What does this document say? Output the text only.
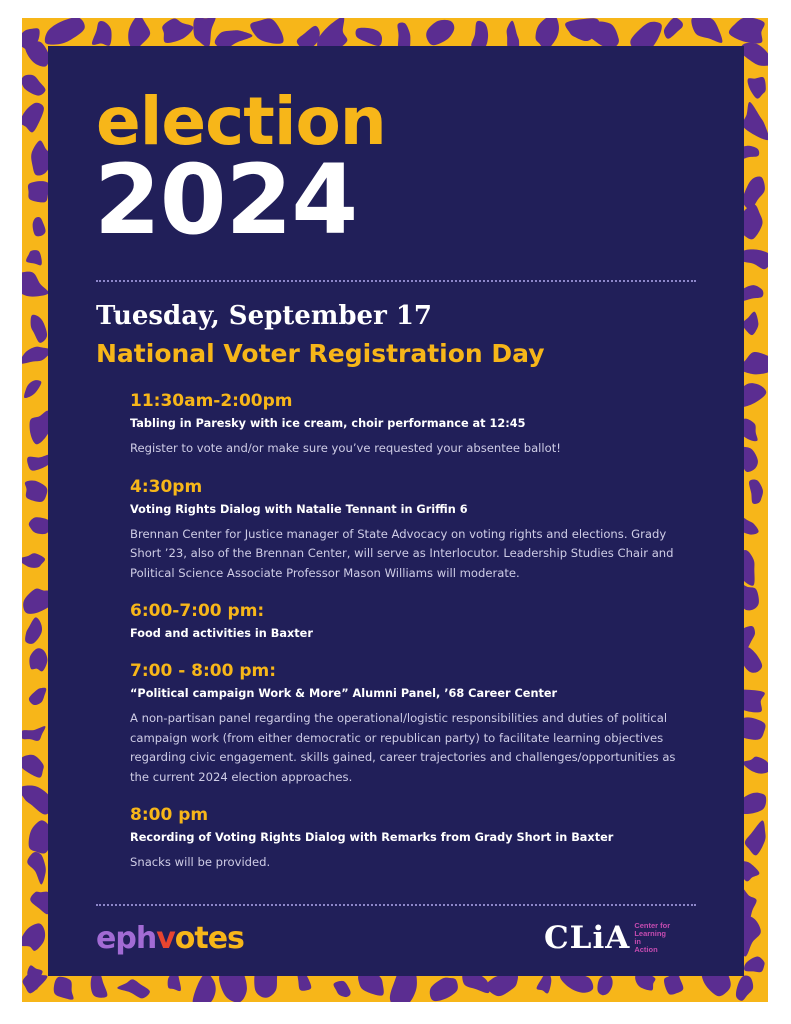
election
2024
Tuesday, September 17
National Voter Registration Day
11:30am-2:00pm
Tabling in Paresky with ice cream, choir performance at 12:45
Register to vote and/or make sure you’ve requested your absentee ballot!
4:30pm
Voting Rights Dialog with Natalie Tennant in Griffin 6
Brennan Center for Justice manager of State Advocacy on voting rights and elections. Grady Short ’23, also of the Brennan Center, will serve as Interlocutor. Leadership Studies Chair and Political Science Associate Professor Mason Williams will moderate.
6:00-7:00 pm:
Food and activities in Baxter
7:00 - 8:00 pm:
“Political campaign Work & More” Alumni Panel, ’68 Career Center
A non-partisan panel regarding the operational/logistic responsibilities and duties of political campaign work (from either democratic or republican party) to facilitate learning objectives regarding civic engagement. skills gained, career trajectories and challenges/opportunities as the current 2024 election approaches.
8:00 pm
Recording of Voting Rights Dialog with Remarks from Grady Short in Baxter
Snacks will be provided.
ephvotes	CLiA Center for
Learning
in
Action
